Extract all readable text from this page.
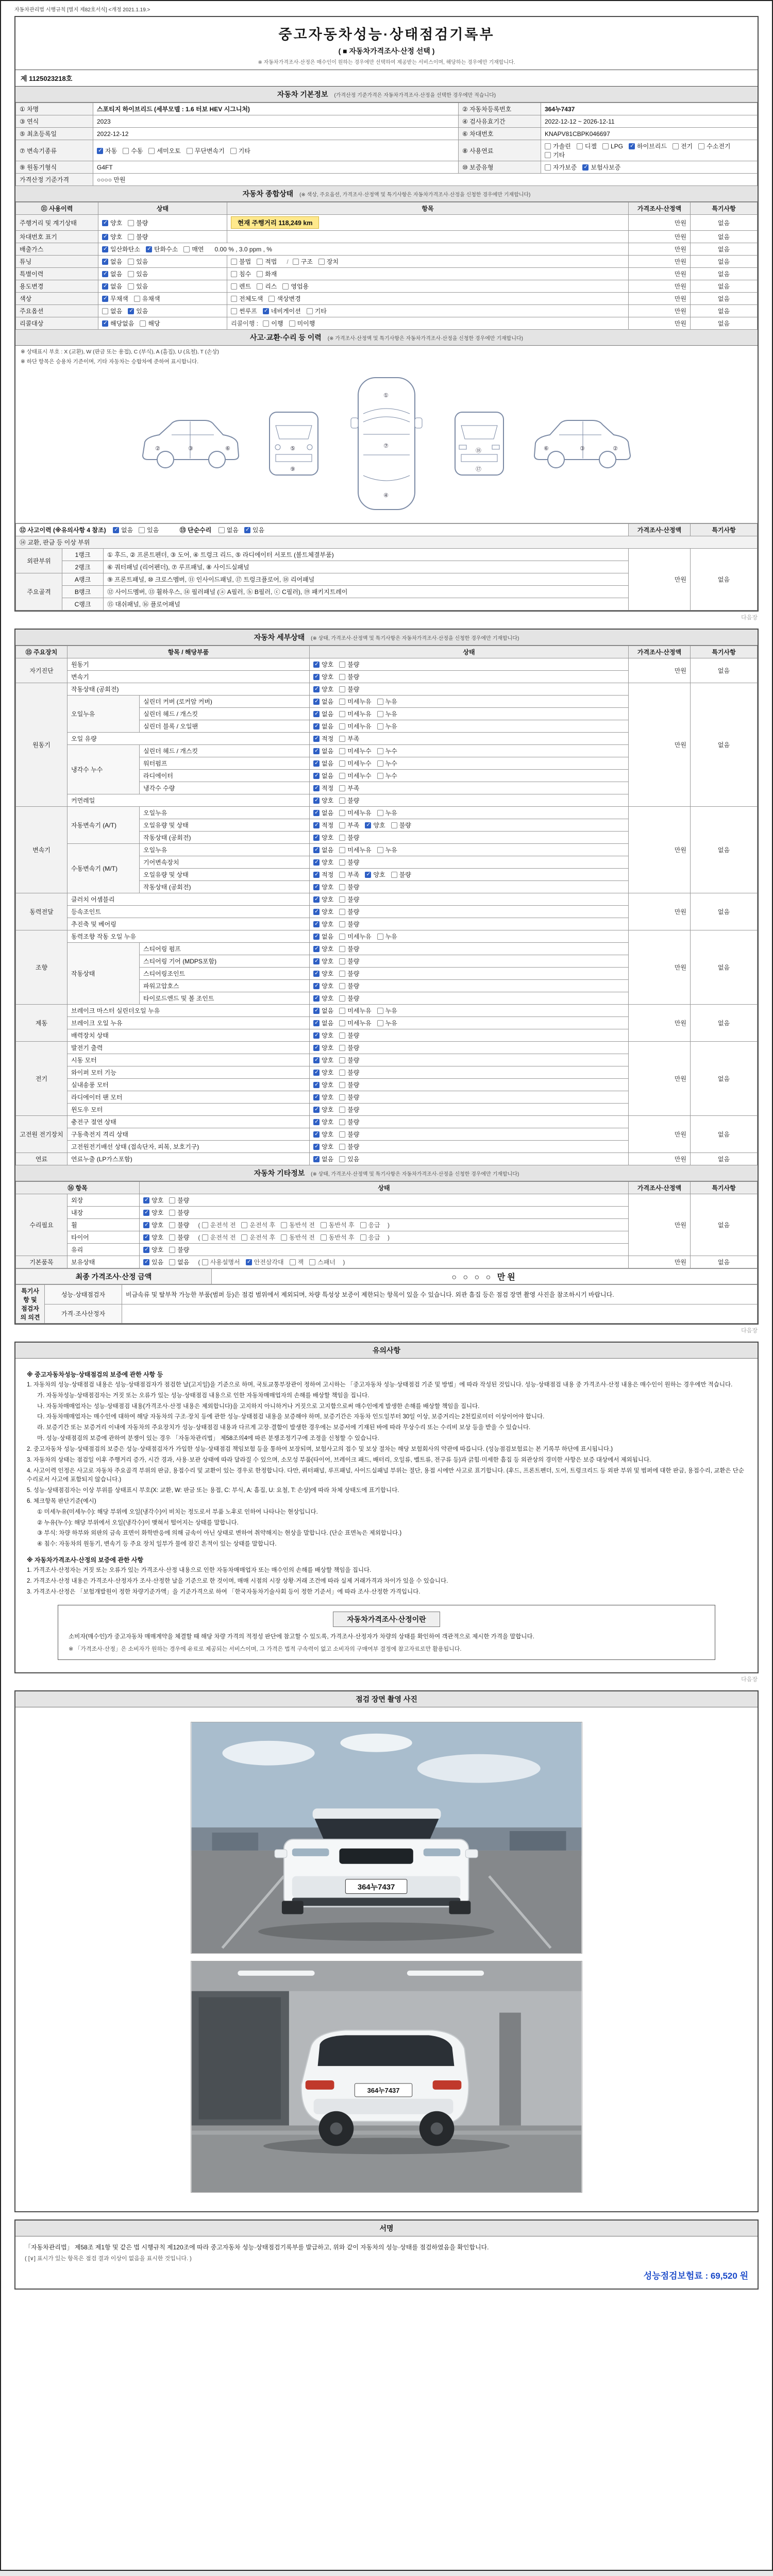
자동차관리법 시행규칙 [별지 제82호서식] <개정 2021.1.19.>
중고자동차성능·상태점검기록부
( ■ 자동차가격조사·산정 선택 )
※ 자동차가격조사·산정은 매수인이 원하는 경우에만 선택하여 제공받는 서비스이며, 해당하는 경우에만 기재합니다.
제 1125023218호
자동차 기본정보 (가격산정 기준가격은 자동차가격조사·산정을 선택한 경우에만 적습니다)
① 차명	스포티지 하이브리드 (세부모델 : 1.6 터보 HEV 시그니처)	② 자동차등록번호	364누7437
③ 연식	2023	④ 검사유효기간	2022-12-12 ~ 2026-12-11
⑤ 최초등록일	2022-12-12	⑥ 차대번호	KNAPV81CBPK046697
⑦ 변속기종류	✓자동 수동 세미오토 무단변속기 기타	⑧ 사용연료	가솔린 디젤 LPG ✓ 하이브리드 전기 수소전기기타
⑨ 원동기형식	G4FT	⑩ 보증유형	자가보증 ✓ 보험사보증
가격산정 기준가격	○○○○ 만원		
자동차 종합상태 (※ 색상, 주요옵션, 가격조사·산정액 및 특기사항은 자동차가격조사·산정을 신청한 경우에만 기재합니다)
⑪ 사용이력	상태	항목	가격조사·산정액	특기사항
주행거리 및 계기상태	✓양호 불량	현재 주행거리 118,249 km	만원	없음
차대번호 표기	✓양호 불량		만원	없음
배출가스	✓일산화탄소 ✓ 탄화수소 매연 0.00 % , 3.0 ppm , %		만원	없음
튜닝	✓없음 있음	불법 적법 / 구조 장치	만원	없음
특별이력	✓없음 있음	침수 화재	만원	없음
용도변경	✓없음 있음	렌트 리스 영업용	만원	없음
색상	✓무채색 유채색	전체도색 색상변경	만원	없음
주요옵션	없음 ✓ 있음	썬루프 ✓ 네비게이션 기타	만원	없음
리콜대상	✓해당없음 해당	리콜이행 : 이행 미이행	만원	없음
사고·교환·수리 등 이력 (※ 가격조사·산정액 및 특기사항은 자동차가격조사·산정을 신청한 경우에만 기재합니다)
※ 상태표시 부호 : X (교환), W (판금 또는 용접), C (부식), A (흠집), U (요철), T (손상)
※ 하단 항목은 승용차 기준이며, 기타 자동차는 승합차에 준하여 표시합니다.
②	③	⑥	⑤
⑨
①
⑦
④
⑱
⑰
⑥	③	②
⑫ 사고이력 (※유의사항 4 참조) ✓ 없음 있음 ⑬ 단순수리 없음 ✓ 있음			가격조사·산정액	특기사항
⑭ 교환, 판금 등 이상 부위				
외판부위	1랭크	① 후드, ② 프론트펜더, ③ 도어, ④ 트렁크 리드, ⑤ 라디에이터 서포트 (볼트체결부품)	만원	없음
	2랭크	⑥ 쿼터패널 (리어펜더), ⑦ 루프패널, ⑧ 사이드실패널		
주요골격	A랭크	⑨ 프론트패널, ⑩ 크로스멤버, ⑪ 인사이드패널, ⑰ 트렁크플로어, ⑱ 리어패널		
	B랭크	⑫ 사이드멤버, ⑬ 휠하우스, ⑭ 필러패널 (ⓐ A필러, ⓑ B필러, ⓒ C필러), ⑲ 패키지트레이		
	C랭크	⑮ 대쉬패널, ⑯ 플로어패널		
다음장
자동차 세부상태 (※ 상태, 가격조사·산정액 및 특기사항은 자동차가격조사·산정을 신청한 경우에만 기재합니다)
⑮ 주요장치	항목 / 해당부품		상태	가격조사·산정액	특기사항
자기진단	원동기	✓양호 불량	만원	없음
	변속기	✓양호 불량
원동기	작동상태 (공회전)	✓양호 불량	만원	없음
	오일누유	실린더 커버 (로커암 커버)	✓없음 미세누유 누유
		실린더 헤드 / 개스킷	✓없음 미세누유 누유
		실린더 블록 / 오일팬	✓없음 미세누유 누유
	오일 유량	✓적정 부족
	냉각수 누수	실린더 헤드 / 개스킷	✓없음 미세누수 누수
		워터펌프	✓없음 미세누수 누수
		라디에이터	✓없음 미세누수 누수
		냉각수 수량	✓적정 부족
	커먼레일	✓양호 불량
변속기	자동변속기 (A/T)	오일누유	✓없음 미세누유 누유	만원	없음
		오일유량 및 상태	✓적정 부족 ✓ 양호 불량
		작동상태 (공회전)	✓양호 불량
	수동변속기 (M/T)	오일누유	✓없음 미세누유 누유
		기어변속장치	✓양호 불량
		오일유량 및 상태	✓적정 부족 ✓ 양호 불량
		작동상태 (공회전)	✓양호 불량
동력전달	클러치 어셈블리	✓양호 불량	만원	없음
	등속조인트	✓양호 불량
	추진축 및 베어링	✓양호 불량
조향	동력조향 작동 오일 누유	✓없음 미세누유 누유	만원	없음
	작동상태	스티어링 펌프	✓양호 불량
		스티어링 기어 (MDPS포함)	✓양호 불량
		스티어링조인트	✓양호 불량
		파워고압호스	✓양호 불량
		타이로드엔드 및 볼 조인트	✓양호 불량
제동	브레이크 마스터 실린더오일 누유	✓없음 미세누유 누유	만원	없음
	브레이크 오일 누유	✓없음 미세누유 누유
	배력장치 상태	✓양호 불량
전기	발전기 출력	✓양호 불량	만원	없음
	시동 모터	✓양호 불량
	와이퍼 모터 기능	✓양호 불량
	실내송풍 모터	✓양호 불량
	라디에이터 팬 모터	✓양호 불량
	윈도우 모터	✓양호 불량
고전원 전기장치	충전구 절연 상태	✓양호 불량	만원	없음
	구동축전지 격리 상태	✓양호 불량
	고전원전기배선 상태 (접속단자, 피복, 보호기구)	✓양호 불량
연료	연료누출 (LP가스포함)	✓없음 있음	만원	없음
자동차 기타정보 (※ 상태, 가격조사·산정액 및 특기사항은 자동차가격조사·산정을 신청한 경우에만 기재합니다)
⑯ 항목		상태	가격조사·산정액	특기사항
수리필요	외장	✓양호 불량	만원	없음
	내장	✓양호 불량
	휠	✓양호 불량 ( 운전석 전 운전석 후 동반석 전 동반석 후 응급 )
	타이어	✓양호 불량 ( 운전석 전 운전석 후 동반석 전 동반석 후 응급 )
	유리	✓양호 불량
기본품목	보유상태	✓있음 없음 ( 사용설명서 ✓ 안전삼각대 잭 스패너 )	만원	없음
최종 가격조사·산정 금액	○ ○ ○ ○ 만원
특기사항 및 점검자의 의견	성능·상태점검자	비금속류 및 탈부착 가능한 부품(범퍼 등)은 점검 범위에서 제외되며, 차량 특성상 보증이 제한되는 항목이 있을 수 있습니다. 외관 흠집 등은 점검 장면 촬영 사진을 참조하시기 바랍니다.
	가격·조사산정자	
다음장
유의사항
※ 중고자동차성능·상태점검의 보증에 관한 사항 등
1. 자동차의 성능·상태점검 내용은 성능·상태점검자가 점검한 날(고지일)을 기준으로 하며, 국토교통부장관이 정하여 고시하는 「중고자동차 성능·상태점검 기준 및 방법」에 따라 작성된 것입니다. 성능·상태점검 내용 중 가격조사·산정 내용은 매수인이 원하는 경우에만 적습니다.
가. 자동차성능·상태점검자는 거짓 또는 오류가 있는 성능·상태점검 내용으로 인한 자동차매매업자의 손해를 배상할 책임을 집니다.
나. 자동차매매업자는 성능·상태점검 내용(가격조사·산정 내용은 제외합니다)을 고지하지 아니하거나 거짓으로 고지함으로써 매수인에게 발생한 손해를 배상할 책임을 집니다.
다. 자동차매매업자는 매수인에 대하여 해당 자동차의 구조·장치 등에 관한 성능·상태점검 내용을 보증해야 하며, 보증기간은 자동차 인도일부터 30일 이상, 보증거리는 2천킬로미터 이상이어야 합니다.
라. 보증기간 또는 보증거리 이내에 자동차의 주요장치가 성능·상태점검 내용과 다르게 고장·결함이 발생한 경우에는 보증서에 기재된 바에 따라 무상수리 또는 수리비 보상 등을 받을 수 있습니다.
마. 성능·상태점검의 보증에 관하여 분쟁이 있는 경우 「자동차관리법」 제58조의4에 따른 분쟁조정기구에 조정을 신청할 수 있습니다.
2. 중고자동차 성능·상태점검의 보증은 성능·상태점검자가 가입한 성능·상태점검 책임보험 등을 통하여 보장되며, 보험사고의 접수 및 보상 절차는 해당 보험회사의 약관에 따릅니다. (성능점검보험료는 본 기록부 하단에 표시됩니다.)
3. 자동차의 상태는 점검일 이후 주행거리 증가, 시간 경과, 사용·보관 상태에 따라 달라질 수 있으며, 소모성 부품(타이어, 브레이크 패드, 배터리, 오일류, 벨트류, 전구류 등)과 긁힘·미세한 흠집 등 외관상의 경미한 사항은 보증 대상에서 제외됩니다.
4. 사고이력 인정은 사고로 자동차 주요골격 부위의 판금, 용접수리 및 교환이 있는 경우로 한정합니다. 다만, 쿼터패널, 루프패널, 사이드실패널 부위는 절단, 용접 시에만 사고로 표기합니다. (후드, 프론트펜더, 도어, 트렁크리드 등 외판 부위 및 범퍼에 대한 판금, 용접수리, 교환은 단순수리로서 사고에 포함되지 않습니다.)
5. 성능·상태점검자는 이상 부위를 상태표시 부호(X: 교환, W: 판금 또는 용접, C: 부식, A: 흠집, U: 요철, T: 손상)에 따라 차체 상태도에 표기합니다.
6. 체크항목 판단기준(예시)
① 미세누유(미세누수): 해당 부위에 오일(냉각수)이 비치는 정도로서 부품 노후로 인하여 나타나는 현상입니다.
② 누유(누수): 해당 부위에서 오일(냉각수)이 맺혀서 떨어지는 상태를 말합니다.
③ 부식: 차량 하부와 외판의 금속 표면이 화학반응에 의해 금속이 아닌 상태로 변하여 취약해지는 현상을 말합니다. (단순 표면녹은 제외합니다.)
④ 침수: 자동차의 원동기, 변속기 등 주요 장치 일부가 물에 잠긴 흔적이 있는 상태를 말합니다.
※ 자동차가격조사·산정의 보증에 관한 사항
1. 가격조사·산정자는 거짓 또는 오류가 있는 가격조사·산정 내용으로 인한 자동차매매업자 또는 매수인의 손해를 배상할 책임을 집니다.
2. 가격조사·산정 내용은 가격조사·산정자가 조사·산정한 날을 기준으로 한 것이며, 매매 시점의 시장 상황·거래 조건에 따라 실제 거래가격과 차이가 있을 수 있습니다.
3. 가격조사·산정은 「보험개발원이 정한 차량기준가액」을 기준가격으로 하여 「한국자동차기술사회 등이 정한 기준서」에 따라 조사·산정한 가격입니다.
자동차가격조사·산정이란
소비자(매수인)가 중고자동차 매매계약을 체결할 때 해당 차량 가격의 적정성 판단에 참고할 수 있도록, 가격조사·산정자가 차량의 상태를 확인하여 객관적으로 제시한 가격을 말합니다.
※ 「가격조사·산정」은 소비자가 원하는 경우에 유료로 제공되는 서비스이며, 그 가격은 법적 구속력이 없고 소비자의 구매여부 결정에 참고자료로만 활용됩니다.
다음장
점검 장면 촬영 사진
364누7437
364누7437
서명
「자동차관리법」 제58조 제1항 및 같은 법 시행규칙 제120조에 따라 중고자동차 성능·상태점검기록부를 발급하고, 위와 같이 자동차의 성능·상태를 점검하였음을 확인합니다.
( [∨] 표시가 있는 항목은 점검 결과 이상이 없음을 표시한 것입니다. )
성능점검보험료 : 69,520 원
